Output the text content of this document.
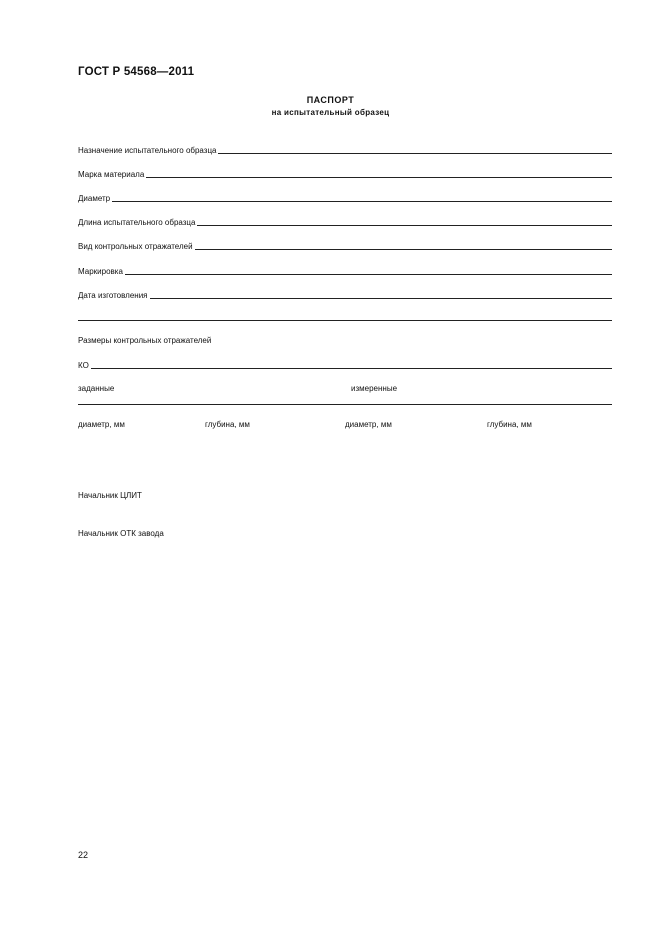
ГОСТ Р 54568—2011
ПАСПОРТ
на испытательный образец
Назначение испытательного образца
Марка материала
Диаметр
Длина испытательного образца
Вид контрольных отражателей
Маркировка
Дата изготовления
Размеры контрольных отражателей
КО
заданные	измеренные
диаметр, мм	глубина, мм	диаметр, мм	глубина, мм
Начальник ЦЛИТ
Начальник ОТК завода
22
